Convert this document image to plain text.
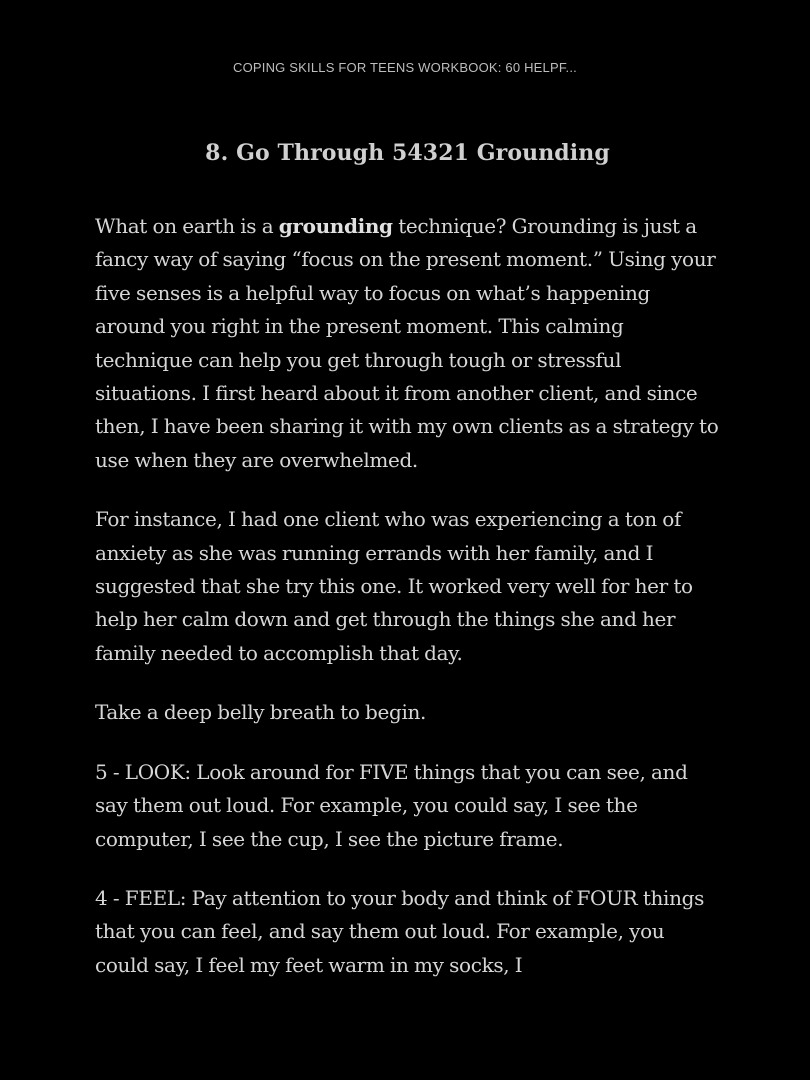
COPING SKILLS FOR TEENS WORKBOOK: 60 HELPF...
8. Go Through 54321 Grounding

What on earth is a grounding technique? Grounding is just a fancy way of saying “focus on the present moment.” Using your five senses is a helpful way to focus on what’s happening around you right in the present moment. This calming technique can help you get through tough or stressful situations. I first heard about it from another client, and since then, I have been sharing it with my own clients as a strategy to use when they are overwhelmed.

For instance, I had one client who was experiencing a ton of anxiety as she was running errands with her family, and I suggested that she try this one. It worked very well for her to help her calm down and get through the things she and her family needed to accomplish that day.

Take a deep belly breath to begin.

5 - LOOK: Look around for FIVE things that you can see, and say them out loud. For example, you could say, I see the computer, I see the cup, I see the picture frame.

4 - FEEL: Pay attention to your body and think of FOUR things that you can feel, and say them out loud. For example, you could say, I feel my feet warm in my socks, I
